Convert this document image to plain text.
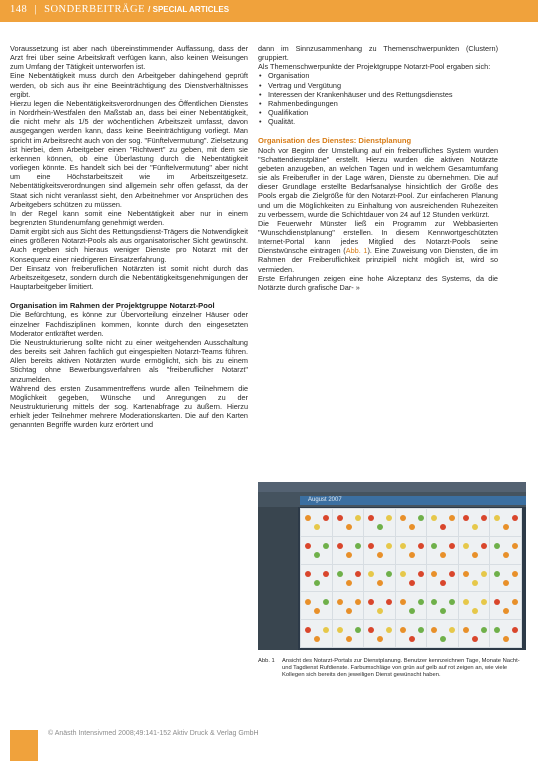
148 | SONDERBEITRÄGE / SPECIAL ARTICLES

Voraussetzung ist aber nach übereinstimmender Auffassung, dass der Arzt frei über seine Arbeitskraft verfügen kann, also keinen Weisungen zum Umfang der Tätigkeit unterworfen ist.

Eine Nebentätigkeit muss durch den Arbeitgeber dahingehend geprüft werden, ob sich aus ihr eine Beeinträchtigung des Dienstverhältnisses ergibt.

Hierzu legen die Nebentätigkeitsverordnungen des Öffentlichen Dienstes in Nordrhein-Westfalen den Maßstab an, dass bei einer Nebentätigkeit, die nicht mehr als 1/5 der wöchentlichen Arbeitszeit umfasst, davon ausgegangen werden kann, dass keine Beeinträchtigung vorliegt. Man spricht im Arbeitsrecht auch von der sog. "Fünftelvermutung". Zielsetzung ist hierbei, dem Arbeitgeber einen "Richtwert" zu geben, mit dem sie erkennen können, ob eine Überlastung durch die Nebentätigkeit vorliegen könnte. Es handelt sich bei der "Fünftelvermutung" aber nicht um eine Höchstarbeitszeit wie im Arbeitszeitgesetz. Nebentätigkeitsverordnungen sind allgemein sehr offen gefasst, da der Staat sich nicht veranlasst sieht, den Arbeitnehmer vor Ansprüchen des Arbeitgebers schützen zu müssen.

In der Regel kann somit eine Nebentätigkeit aber nur in einem begrenzten Stundenumfang genehmigt werden.

Damit ergibt sich aus Sicht des Rettungsdienst-Trägers die Notwendigkeit eines größeren Notarzt-Pools als aus organisatorischer Sicht gewünscht. Auch ergeben sich hieraus weniger Dienste pro Notarzt mit der Konsequenz einer niedrigeren Einsatzerfahrung.

Der Einsatz von freiberuflichen Notärzten ist somit nicht durch das Arbeitszeitgesetz, sondern durch die Nebentätigkeitsgenehmigungen der Hauptarbeitgeber limitiert.

Organisation im Rahmen der Projektgruppe Notarzt-Pool

Die Befürchtung, es könne zur Übervorteilung einzelner Häuser oder einzelner Fachdisziplinen kommen, konnte durch den eingesetzten Moderator entkräftet werden.

Die Neustrukturierung sollte nicht zu einer weitgehenden Ausschaltung des bereits seit Jahren fachlich gut eingespielten Notarzt-Teams führen. Allen bereits aktiven Notärzten wurde ermöglicht, sich bis zu einem Stichtag ohne Bewerbungsverfahren als "freiberuflicher Notarzt" anzumelden.

Während des ersten Zusammentreffens wurde allen Teilnehmern die Möglichkeit gegeben, Wünsche und Anregungen zu der Neustrukturierung mittels der sog. Kartenabfrage zu äußern. Hierzu erhielt jeder Teilnehmer mehrere Moderationskarten. Die auf den Karten genannten Begriffe wurden kurz erörtert und

dann im Sinnzusammenhang zu Themenschwerpunkten (Clustern) gruppiert.

Als Themenschwerpunkte der Projektgruppe Notarzt-Pool ergaben sich:

• Organisation
• Vertrag und Vergütung
• Interessen der Krankenhäuser und des Rettungsdienstes
• Rahmenbedingungen
• Qualifikation
• Qualität.
Organisation des Dienstes: Dienstplanung

Noch vor Beginn der Umstellung auf ein freiberufliches System wurden "Schattendienstpläne" erstellt. Hierzu wurden die aktiven Notärzte gebeten anzugeben, an welchen Tagen und in welchem Gesamtumfang sie als Freiberufler in der Lage wären, Dienste zu übernehmen. Die auf dieser Grundlage erstellte Bedarfsanalyse hinsichtlich der Größe des Pools ergab die Zielgröße für den Notarzt-Pool. Zur einfacheren Planung und um die Möglichkeiten zu Einhaltung von ausreichenden Ruhezeiten zu verbessern, wurde die Schichtdauer von 24 auf 12 Stunden verkürzt.

Die Feuerwehr Münster ließ ein Programm zur Webbasierten "Wunschdienstplanung" erstellen. In diesem Kennwortgeschützten Internet-Portal kann jedes Mitglied des Notarzt-Pools seine Dienstwünsche eintragen (Abb. 1). Eine Zuweisung von Diensten, die im Rahmen der Freiberuflichkeit prinzipiell nicht möglich ist, wird so vermieden.

Erste Erfahrungen zeigen eine hohe Akzeptanz des Systems, da die Notärzte durch grafische Dar- »

August 2007
Abb. 1	Ansicht des Notarzt-Portals zur Dienstplanung. Benutzer kennzeichnen Tage, Monate Nacht- und Tagdienst Rufdienste. Farbumschläge von grün auf gelb auf rot zeigen an, wie viele Kollegen sich bereits den jeweiligen Dienst gewünscht haben.
© Anästh Intensivmed 2008;49:141-152 Aktiv Druck & Verlag GmbH
